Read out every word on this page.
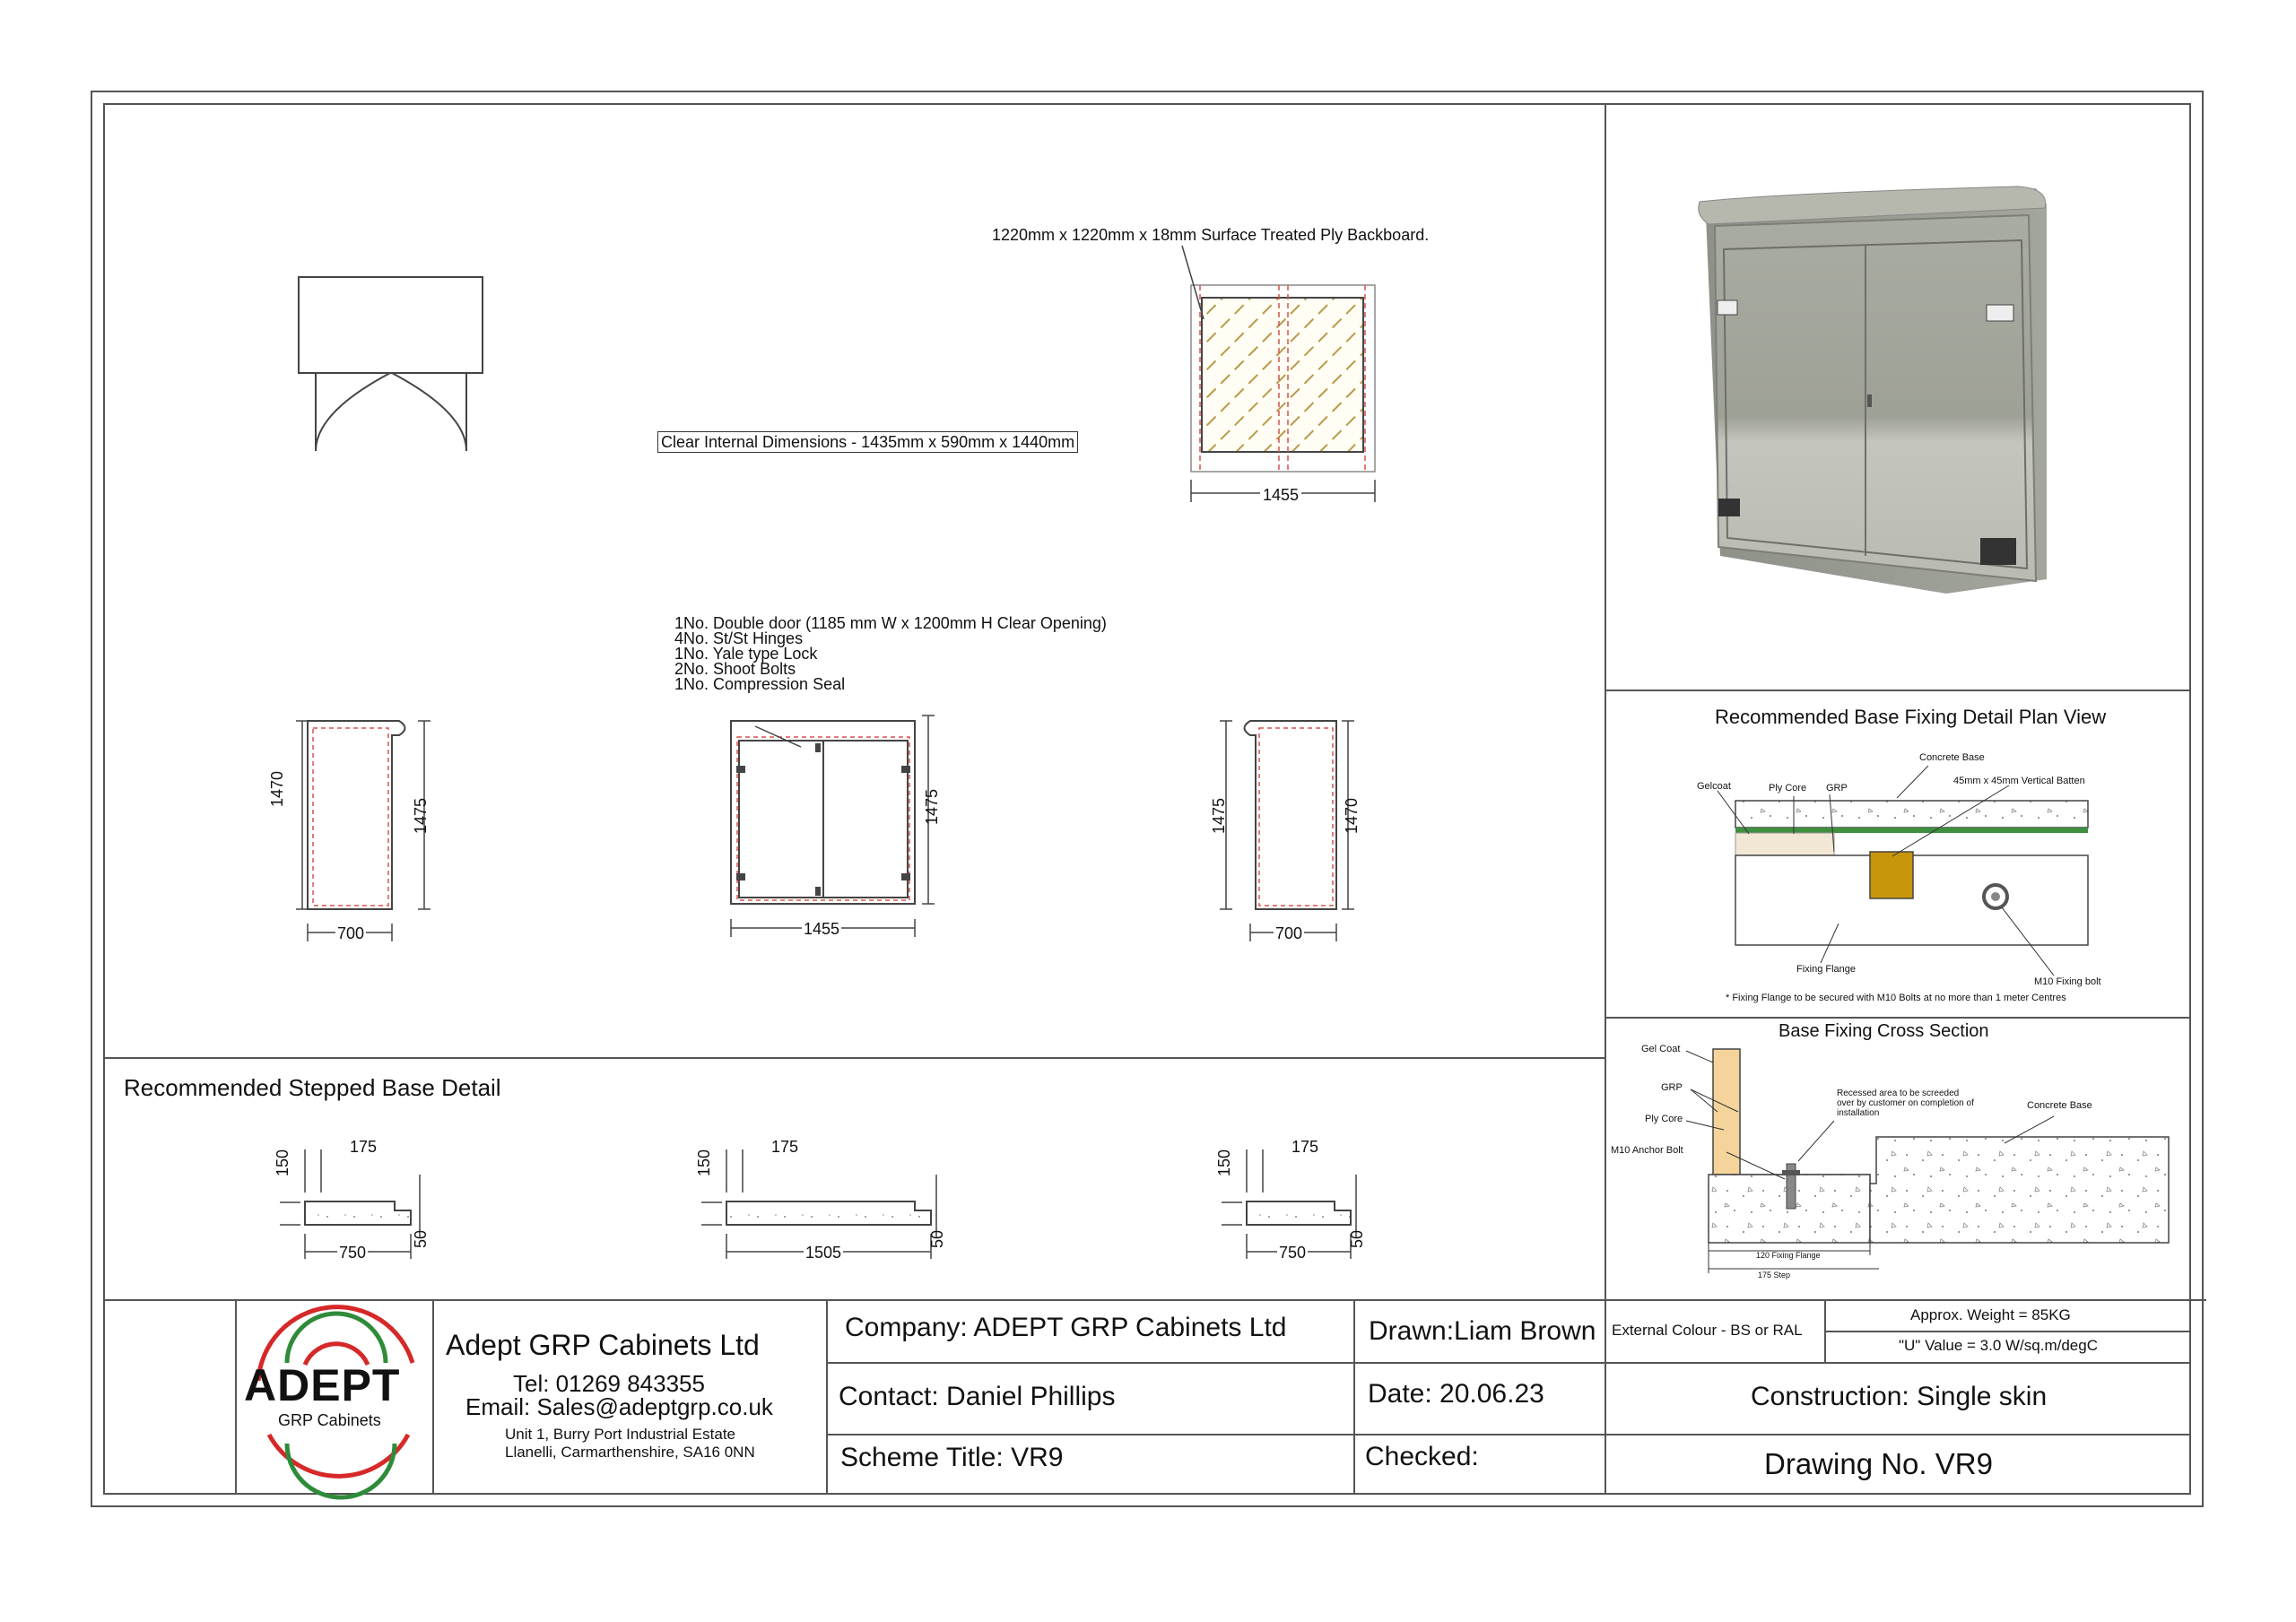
1220mm x 1220mm x 18mm Surface Treated Ply Backboard.
Clear Internal Dimensions - 1435mm x 590mm x 1440mm
1455
1No. Double door (1185 mm W x 1200mm H Clear Opening)
4No. St/St Hinges
1No. Yale type Lock
2No. Shoot Bolts
1No. Compression Seal
1470
1475
700
1475
1455
1475	1470
700
Recommended Stepped Base Detail
175
150
50
750
175
150
50
1505
175
150
50
750
Recommended Base Fixing Detail Plan View
Concrete Base
45mm x 45mm Vertical Batten
Gelcoat	Ply Core GRP
Fixing Flange
M10 Fixing bolt
* Fixing Flange to be secured with M10 Bolts at no more than 1 meter Centres
Base Fixing Cross Section
Gel Coat
GRP
Ply Core
M10 Anchor Bolt
Recessed area to be screeded
over by customer on completion of
installation
Concrete Base
120 Fixing Flange
175 Step
ADEPT
GRP Cabinets
Adept GRP Cabinets Ltd
Tel: 01269 843355
Email: Sales@adeptgrp.co.uk
Unit 1, Burry Port Industrial Estate
Llanelli, Carmarthenshire, SA16 0NN
Company: ADEPT GRP Cabinets Ltd
Contact: Daniel Phillips
Scheme Title: VR9
Drawn:Liam Brown
Date: 20.06.23
Checked:
External Colour - BS or RAL
Approx. Weight = 85KG
"U" Value = 3.0 W/sq.m/degC
Construction: Single skin
Drawing No. VR9
